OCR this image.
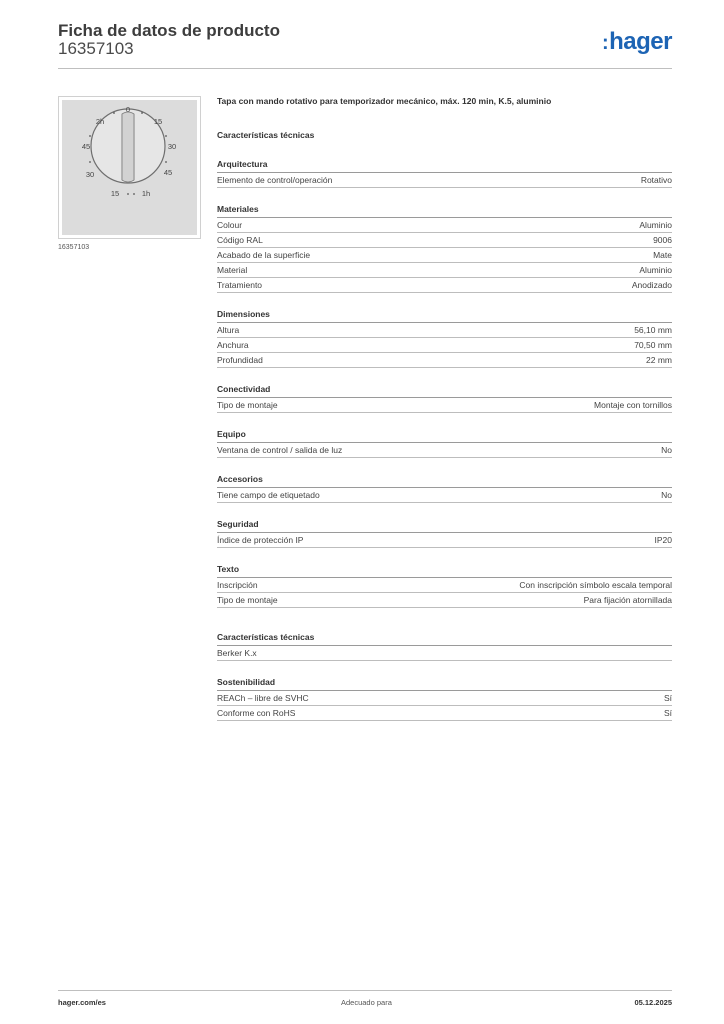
Ficha de datos de producto
16357103	:hager
0
15
30
45
1h
15
30
45
2h
16357103
Tapa con mando rotativo para temporizador mecánico, máx. 120 min, K.5, aluminio
Características técnicas
Arquitectura
Elemento de control/operación	Rotativo
Materiales
Colour	Aluminio
Código RAL	9006
Acabado de la superficie	Mate
Material	Aluminio
Tratamiento	Anodizado
Dimensiones
Altura	56,10 mm
Anchura	70,50 mm
Profundidad	22 mm
Conectividad
Tipo de montaje	Montaje con tornillos
Equipo
Ventana de control / salida de luz	No
Accesorios
Tiene campo de etiquetado	No
Seguridad
Índice de protección IP	IP20
Texto
Inscripción	Con inscripción símbolo escala temporal
Tipo de montaje	Para fijación atornillada
Características técnicas
Berker K.x
Sostenibilidad
REACh – libre de SVHC	Sí
Conforme con RoHS	Sí
hager.com/es	Adecuado para	05.12.2025
